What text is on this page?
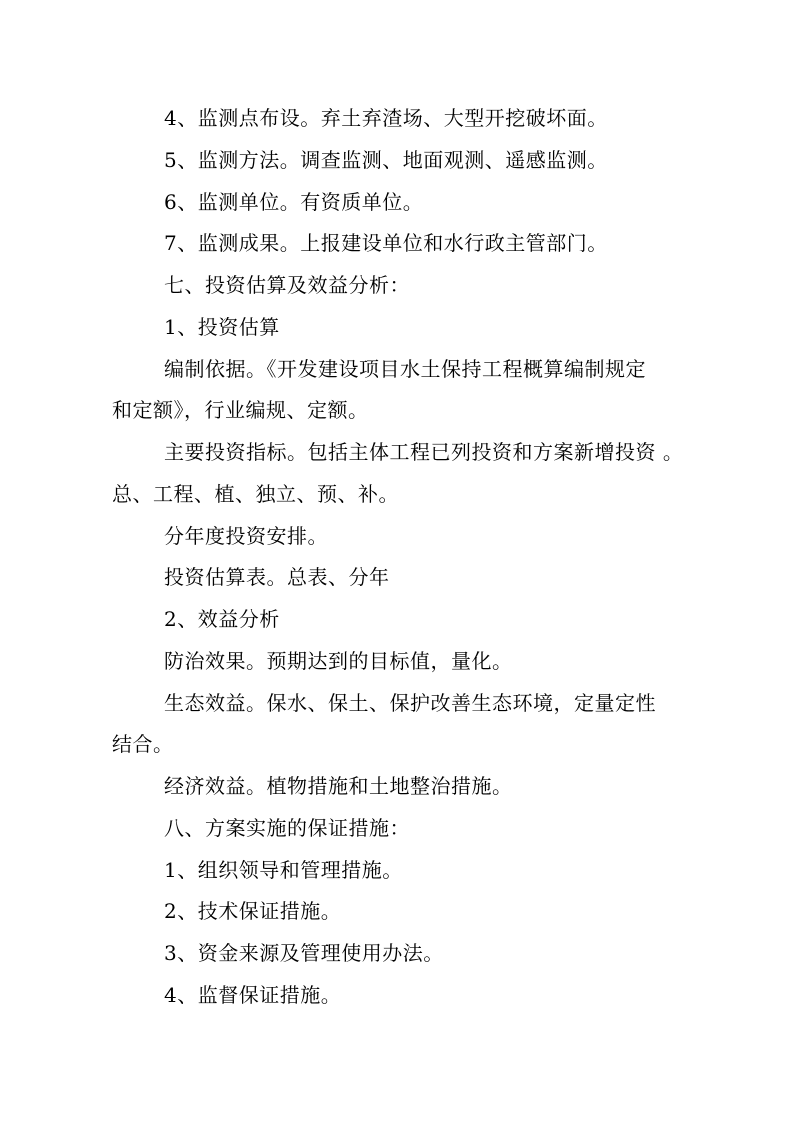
4、监测点布设。弃土弃渣场、大型开挖破坏面。
5、监测方法。调查监测、地面观测、遥感监测。
6、监测单位。有资质单位。
7、监测成果。上报建设单位和水行政主管部门。
七、投资估算及效益分析：
1、投资估算
编制依据。《开发建设项目水土保持工程概算编制规定
和定额》，行业编规、定额。
主要投资指标。包括主体工程已列投资和方案新增投资 。
总、工程、植、独立、预、补。
分年度投资安排。
投资估算表。总表、分年
2、效益分析
防治效果。预期达到的目标值，量化。
生态效益。保水、保土、保护改善生态环境，定量定性
结合。
经济效益。植物措施和土地整治措施。
八、方案实施的保证措施：
1、组织领导和管理措施。
2、技术保证措施。
3、资金来源及管理使用办法。
4、监督保证措施。
